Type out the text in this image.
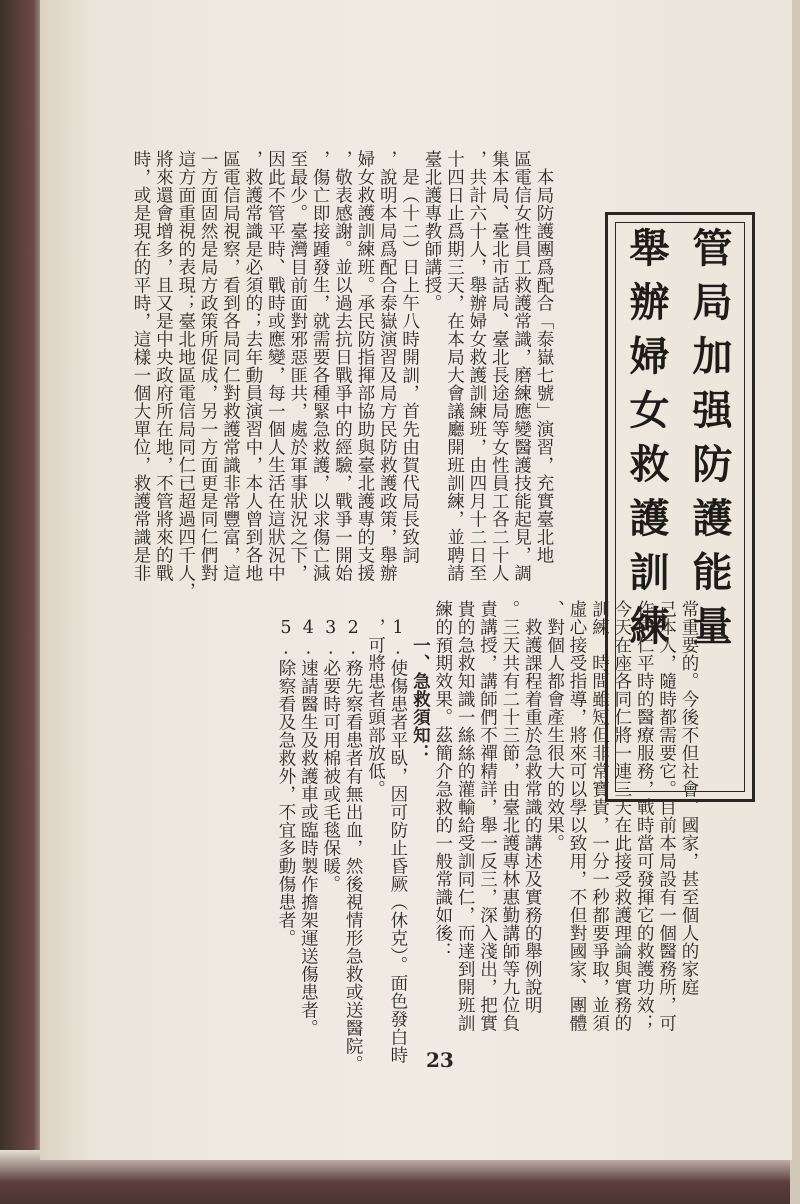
管局加强防護能量
舉辦婦女救護訓練
　本局防護團爲配合「泰嶽七號」演習，充實臺北地
區電信女性員工救護常識，磨練應變醫護技能起見，調
集本局、臺北市話局、臺北長途局等女性員工各二十人
，共計六十人，舉辦婦女救護訓練班，由四月十二日至
十四日止爲期三天，在本局大會議廳開班訓練，並聘請
臺北護專教師講授。
　是（十二）日上午八時開訓，首先由賀代局長致詞
，說明本局爲配合泰嶽演習及局方民防救護政策，舉辦
婦女救護訓練班。承民防指揮部協助與臺北護專的支援
，敬表感謝。並以過去抗日戰爭中的經驗，戰爭一開始
，傷亡即接踵發生，就需要各種緊急救護，以求傷亡減
至最少。臺灣目前面對邪惡匪共，處於軍事狀況之下，
因此不管平時、戰時或應變，每一個人生活在這狀況中
，救護常識是必須的；去年動員演習中，本人曾到各地
區電信局視察，看到各局同仁對救護常識非常豐富，這
一方面固然是局方政策所促成，另一方面更是同仁們對
這方面重視的表現；臺北地區電信局同仁已超過四千人，
將來還會增多，且又是中央政府所在地，不管將來的戰
時，或是現在的平時，這樣一個大單位，救護常識是非
常重要的。今後不但社會、國家，甚至個人的家庭
己本人，隨時都需要它。目前本局設有一個醫務所，可
作同仁平時的醫療服務，戰時當可發揮它的救護功效；
今天在座各同仁將一連三天在此接受救護理論與實務的
訓練，時間雖短但非常寶貴，一分一秒都要爭取，並須
虛心接受指導，將來可以學以致用，不但對國家、團體
、對個人都會產生很大的效果。
　救護課程着重於急救常識的講述及實務的舉例說明
。三天共有二十三節，由臺北護專林惠勤講師等九位負
責講授，講師們不禪精詳，舉一反三，深入淺出，把實
貴的急救知識一絲絲的灌輸給受訓同仁，而達到開班訓
練的預期效果。茲簡介急救的一般常識如後：
　　一、急救須知：
　1.使傷患者平臥，因可防止昏厥（休克）。面色發白時
　，可將患者頭部放低。
　2.務先察看患者有無出血，然後視情形急救或送醫院。
　3.必要時可用棉被或毛毯保暖。
　4.速請醫生及救護車或臨時製作擔架運送傷患者。
　5.除察看及急救外，不宜多動傷患者。
23
